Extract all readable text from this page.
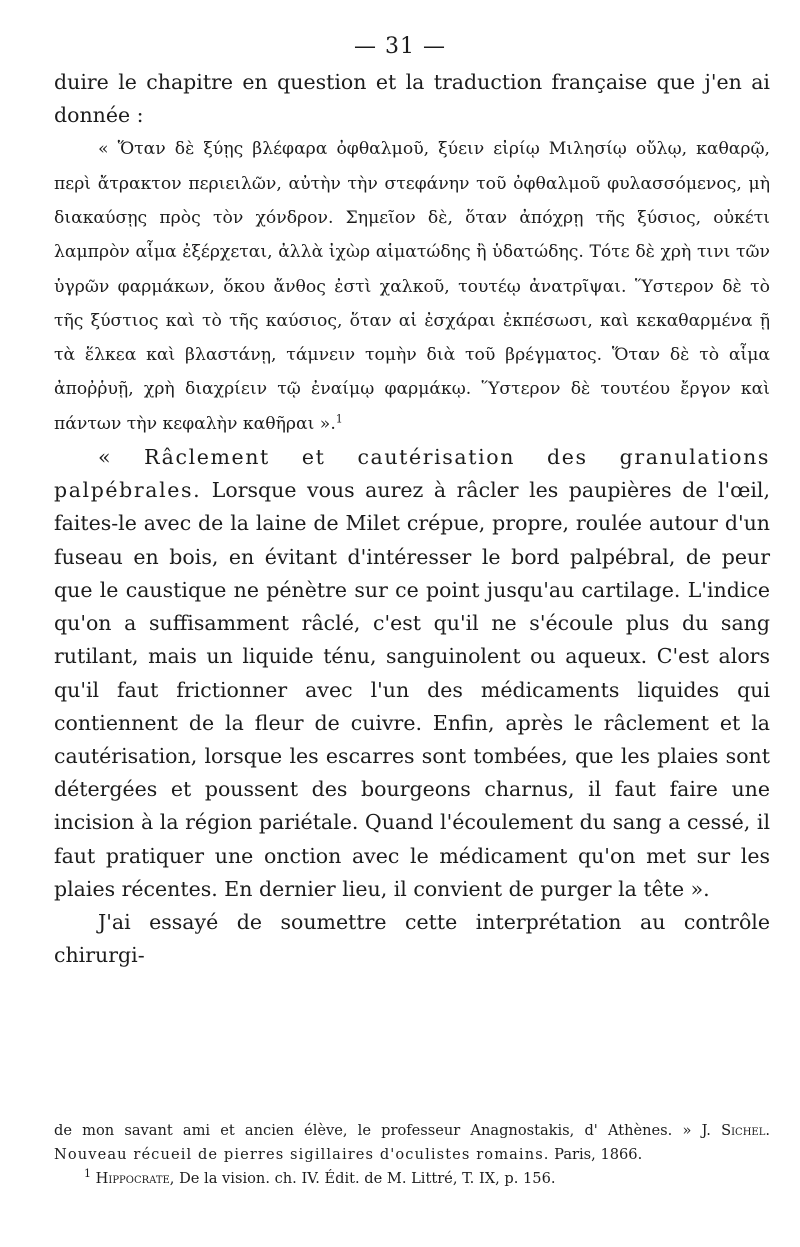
— 31 —

duire le chapitre en question et la traduction française que j'en ai donnée :

« Ὅταν δὲ ξύῃς βλέφαρα ὀφθαλμοῦ, ξύειν εἰρίῳ Μιλησίῳ οὔλῳ, καθαρῷ, περὶ ἄτρακτον περιειλῶν, αὐτὴν τὴν στεφάνην τοῦ ὀφθαλμοῦ φυλασσόμενος, μὴ διακαύσῃς πρὸς τὸν χόνδρον. Σημεῖον δὲ, ὅταν ἀπόχρῃ τῆς ξύσιος, οὐκέτι λαμπρὸν αἷμα ἐξέρχεται, ἀλλὰ ἰχὼρ αἱματώδης ἢ ὑδατώδης. Τότε δὲ χρὴ τινι τῶν ὑγρῶν φαρμάκων, ὅκου ἄνθος ἐστὶ χαλκοῦ, τουτέῳ ἀνατρῖψαι. Ὕστερον δὲ τὸ τῆς ξύστιος καὶ τὸ τῆς καύσιος, ὅταν αἱ ἐσχάραι ἐκπέσωσι, καὶ κεκαθαρμένα ῇ τὰ ἕλκεα καὶ βλαστάνῃ, τάμνειν τομὴν διὰ τοῦ βρέγματος. Ὅταν δὲ τὸ αἷμα ἀποῤῥυῇ, χρὴ διαχρίειν τῷ ἐναίμῳ φαρμάκῳ. Ὕστερον δὲ τουτέου ἔργον καὶ πάντων τὴν κεφαλὴν καθῆραι ».$^1$

« Râclement et cautérisation des granulations palpébrales. Lorsque vous aurez à râcler les paupières de l'œil, faites-le avec de la laine de Milet crépue, propre, roulée autour d'un fuseau en bois, en évitant d'intéresser le bord palpébral, de peur que le caustique ne pénètre sur ce point jusqu'au cartilage. L'indice qu'on a suffisamment râclé, c'est qu'il ne s'écoule plus du sang rutilant, mais un liquide ténu, sanguinolent ou aqueux. C'est alors qu'il faut frictionner avec l'un des médicaments liquides qui contiennent de la fleur de cuivre. Enfin, après le râclement et la cautérisation, lorsque les escarres sont tombées, que les plaies sont détergées et poussent des bourgeons charnus, il faut faire une incision à la région pariétale. Quand l'écoulement du sang a cessé, il faut pratiquer une onction avec le médicament qu'on met sur les plaies récentes. En dernier lieu, il convient de purger la tête ».

J'ai essayé de soumettre cette interprétation au contrôle chirurgi-

de mon savant ami et ancien élève, le professeur Anagnostakis, d' Athènes. » J. Sichel. Nouveau récueil de pierres sigillaires d'oculistes romains. Paris, 1866.

$^1$ Hippocrate, De la vision. ch. IV. Édit. de M. Littré, T. IX, p. 156.
